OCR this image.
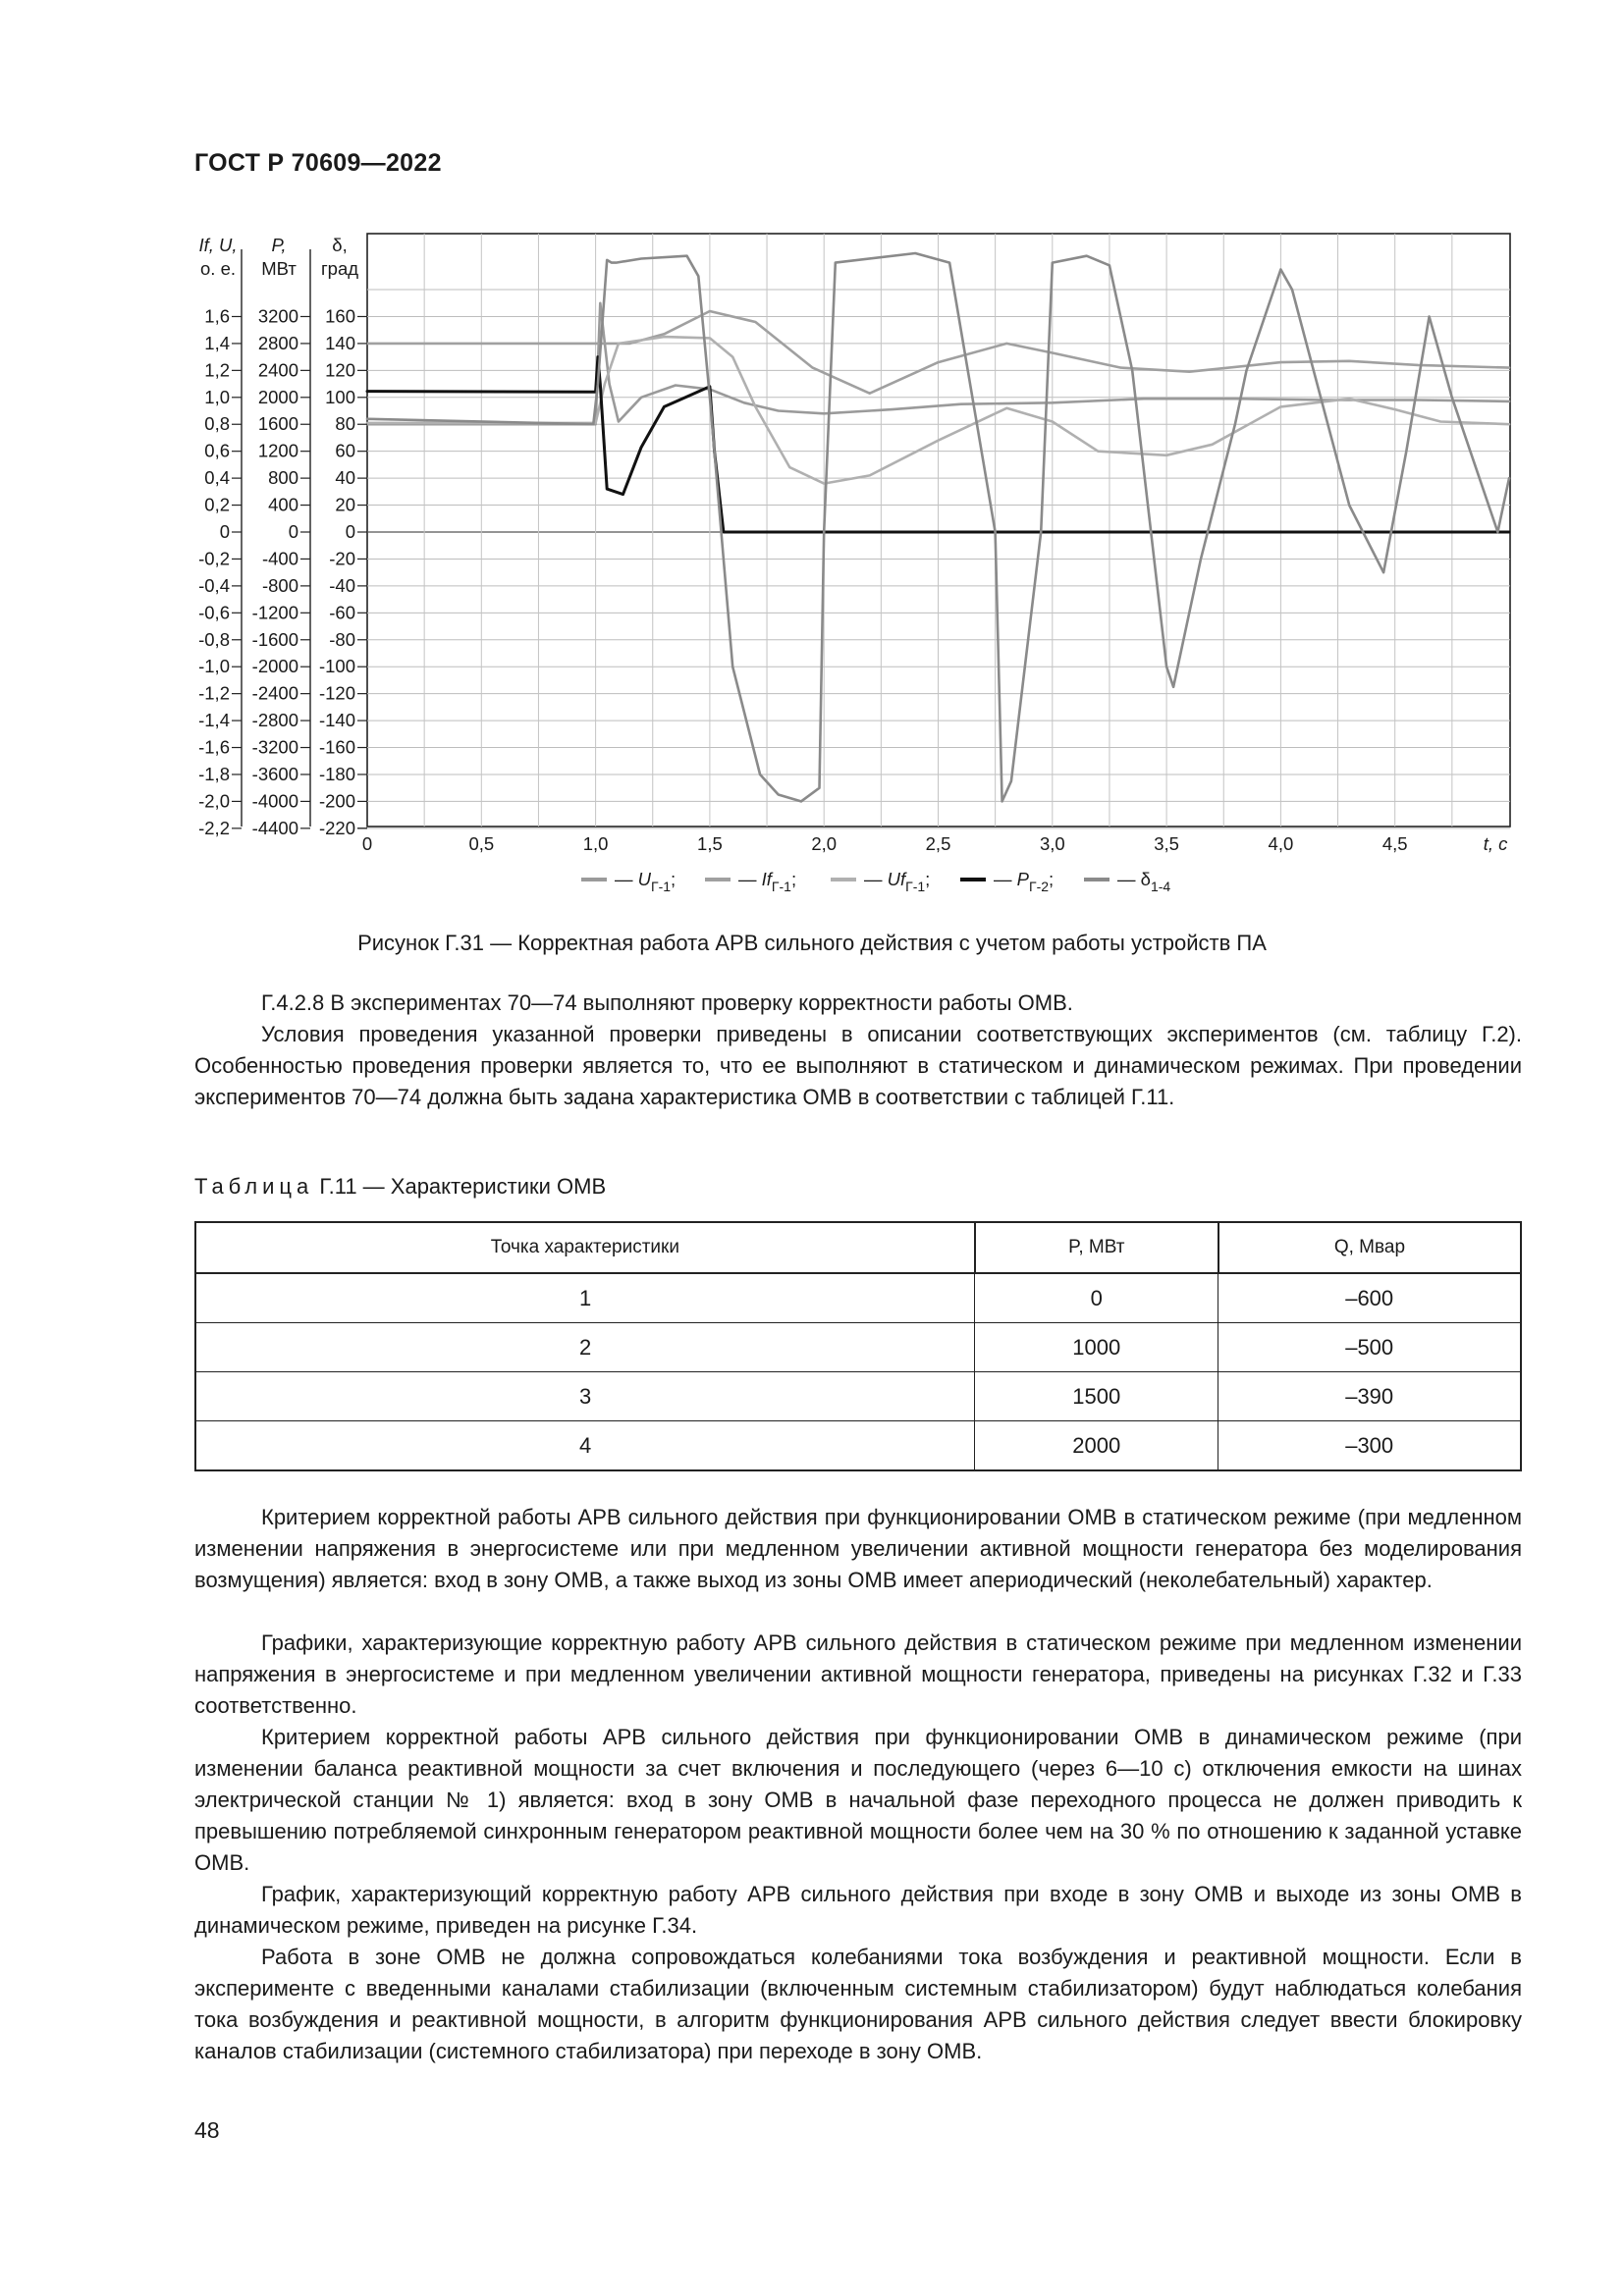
ГОСТ Р 70609—2022
1,6 3200 160
1,4 2800 140
1,2 2400 120
1,0 2000 100
0,8 1600 80
0,6 1200 60
0,4 800 40
0,2 400 20
0	0	0
-0,2 -400 -20
-0,4 -800 -40
-0,6 -1200 -60
-0,8 -1600 -80
-1,0 -2000 -100
-1,2 -2400 -120
-1,4 -2800 -140
-1,6 -3200 -160
-1,8 -3600 -180
-2,0 -4000 -200
-2,2 -4400 -220
If, U,
о. е.
P,
МВт
δ,
град
0	0,5	1,0	1,5	2,0	2,5	3,0	3,5	4,0	4,5	t, с
— $U_{Г-1}$;	— $If_{Г-1}$;	— $Uf_{Г-1}$;	— $P_{Г-2}$;	— $\delta_{1-4}$
Рисунок Г.31 — Корректная работа АРВ сильного действия с учетом работы устройств ПА
Г.4.2.8 В экспериментах 70—74 выполняют проверку корректности работы ОМВ.
Условия проведения указанной проверки приведены в описании соответствующих экспериментов (см. таблицу Г.2). Особенностью проведения проверки является то, что ее выполняют в статическом и динамическом режимах. При проведении экспериментов 70—74 должна быть задана характеристика ОМВ в соответствии с таблицей Г.11.
Таблица Г.11 — Характеристики ОМВ
Точка характеристики	P, МВт	Q, Мвар
1	0	–600
2	1000	–500
3	1500	–390
4	2000	–300
Критерием корректной работы АРВ сильного действия при функционировании ОМВ в статическом режиме (при медленном изменении напряжения в энергосистеме или при медленном увеличении активной мощности генератора без моделирования возмущения) является: вход в зону ОМВ, а также выход из зоны ОМВ имеет апериодический (неколебательный) характер.
Графики, характеризующие корректную работу АРВ сильного действия в статическом режиме при медленном изменении напряжения в энергосистеме и при медленном увеличении активной мощности генератора, приведены на рисунках Г.32 и Г.33 соответственно.
Критерием корректной работы АРВ сильного действия при функционировании ОМВ в динамическом режиме (при изменении баланса реактивной мощности за счет включения и последующего (через 6—10 с) отключения емкости на шинах электрической станции № 1) является: вход в зону ОМВ в начальной фазе переходного процесса не должен приводить к превышению потребляемой синхронным генератором реактивной мощности более чем на 30 % по отношению к заданной уставке ОМВ.
График, характеризующий корректную работу АРВ сильного действия при входе в зону ОМВ и выходе из зоны ОМВ в динамическом режиме, приведен на рисунке Г.34.
Работа в зоне ОМВ не должна сопровождаться колебаниями тока возбуждения и реактивной мощности. Если в эксперименте с введенными каналами стабилизации (включенным системным стабилизатором) будут наблюдаться колебания тока возбуждения и реактивной мощности, в алгоритм функционирования АРВ сильного действия следует ввести блокировку каналов стабилизации (системного стабилизатора) при переходе в зону ОМВ.
48
